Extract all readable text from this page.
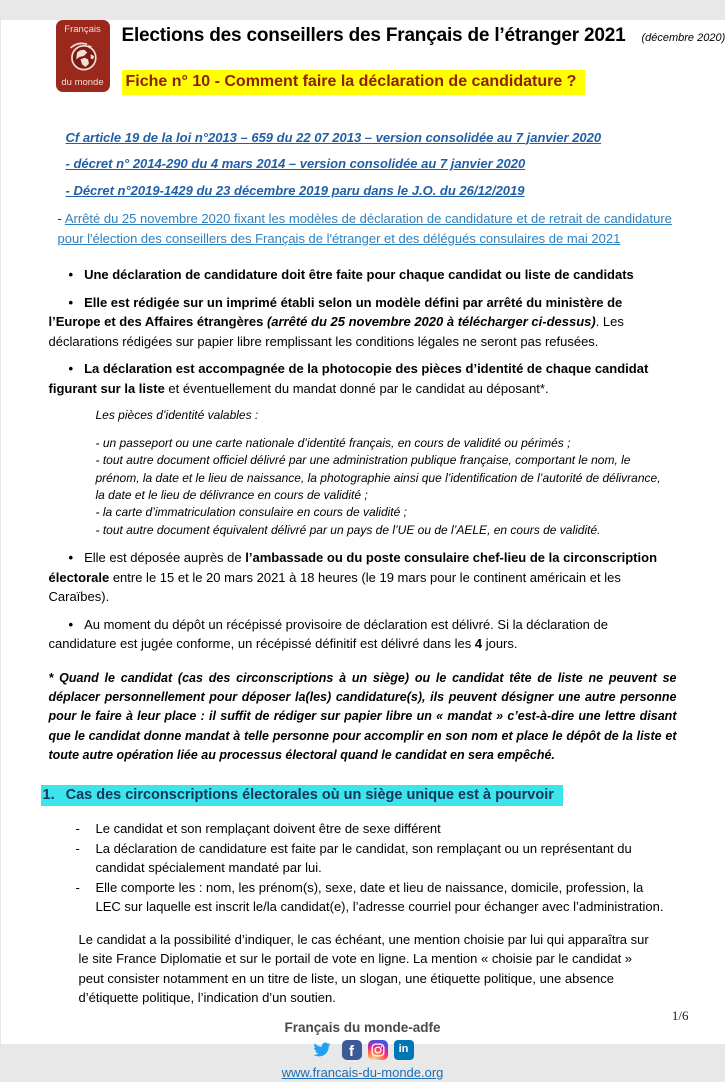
Français
du monde
Elections des conseillers des Français de l’étranger 2021 (décembre 2020)
Fiche n° 10 - Comment faire la déclaration de candidature ?

Cf article 19 de la loi n°2013 – 659 du 22 07 2013 – version consolidée au 7 janvier 2020

- décret n° 2014-290 du 4 mars 2014 – version consolidée au 7 janvier 2020

- Décret n°2019-1429 du 23 décembre 2019 paru dans le J.O. du 26/12/2019

- Arrêté du 25 novembre 2020 fixant les modèles de déclaration de candidature et de retrait de candidature pour l'élection des conseillers des Français de l'étranger et des délégués consulaires de mai 2021

• Une déclaration de candidature doit être faite pour chaque candidat ou liste de candidats

• Elle est rédigée sur un imprimé établi selon un modèle défini par arrêté du ministère de l’Europe et des Affaires étrangères (arrêté du 25 novembre 2020 à télécharger ci-dessus). Les déclarations rédigées sur papier libre remplissant les conditions légales ne seront pas refusées.

• La déclaration est accompagnée de la photocopie des pièces d’identité de chaque candidat figurant sur la liste et éventuellement du mandat donné par le candidat au déposant*.

Les pièces d’identité valables :

- un passeport ou une carte nationale d’identité français, en cours de validité ou périmés ;

- tout autre document officiel délivré par une administration publique française, comportant le nom, le prénom, la date et le lieu de naissance, la photographie ainsi que l’identification de l’autorité de délivrance, la date et le lieu de délivrance en cours de validité ;

- la carte d’immatriculation consulaire en cours de validité ;

- tout autre document équivalent délivré par un pays de l’UE ou de l’AELE, en cours de validité.

• Elle est déposée auprès de l’ambassade ou du poste consulaire chef-lieu de la circonscription électorale entre le 15 et le 20 mars 2021 à 18 heures (le 19 mars pour le continent américain et les Caraïbes).

• Au moment du dépôt un récépissé provisoire de déclaration est délivré. Si la déclaration de candidature est jugée conforme, un récépissé définitif est délivré dans les 4 jours.

* Quand le candidat (cas des circonscriptions à un siège) ou le candidat tête de liste ne peuvent se déplacer personnellement pour déposer la(les) candidature(s), ils peuvent désigner une autre personne pour le faire à leur place : il suffit de rédiger sur papier libre un « mandat » c’est-à-dire une lettre disant que le candidat donne mandat à telle personne pour accomplir en son nom et place le dépôt de la liste et toute autre opération liée au processus électoral quand le candidat en sera empêché.

1. Cas des circonscriptions électorales où un siège unique est à pourvoir
-	Le candidat et son remplaçant doivent être de sexe différent
-	La déclaration de candidature est faite par le candidat, son remplaçant ou un représentant du candidat spécialement mandaté par lui.
-	Elle comporte les : nom, les prénom(s), sexe, date et lieu de naissance, domicile, profession, la LEC sur laquelle est inscrit le/la candidat(e), l’adresse courriel pour échanger avec l’administration.

Le candidat a la possibilité d’indiquer, le cas échéant, une mention choisie par lui qui apparaîtra sur le site France Diplomatie et sur le portail de vote en ligne. La mention « choisie par le candidat » peut consister notamment en un titre de liste, un slogan, une étiquette politique, une absence d’étiquette politique, l’indication d’un soutien.

Français du monde-adfe
f	in
www.francais-du-monde.org
1/6
